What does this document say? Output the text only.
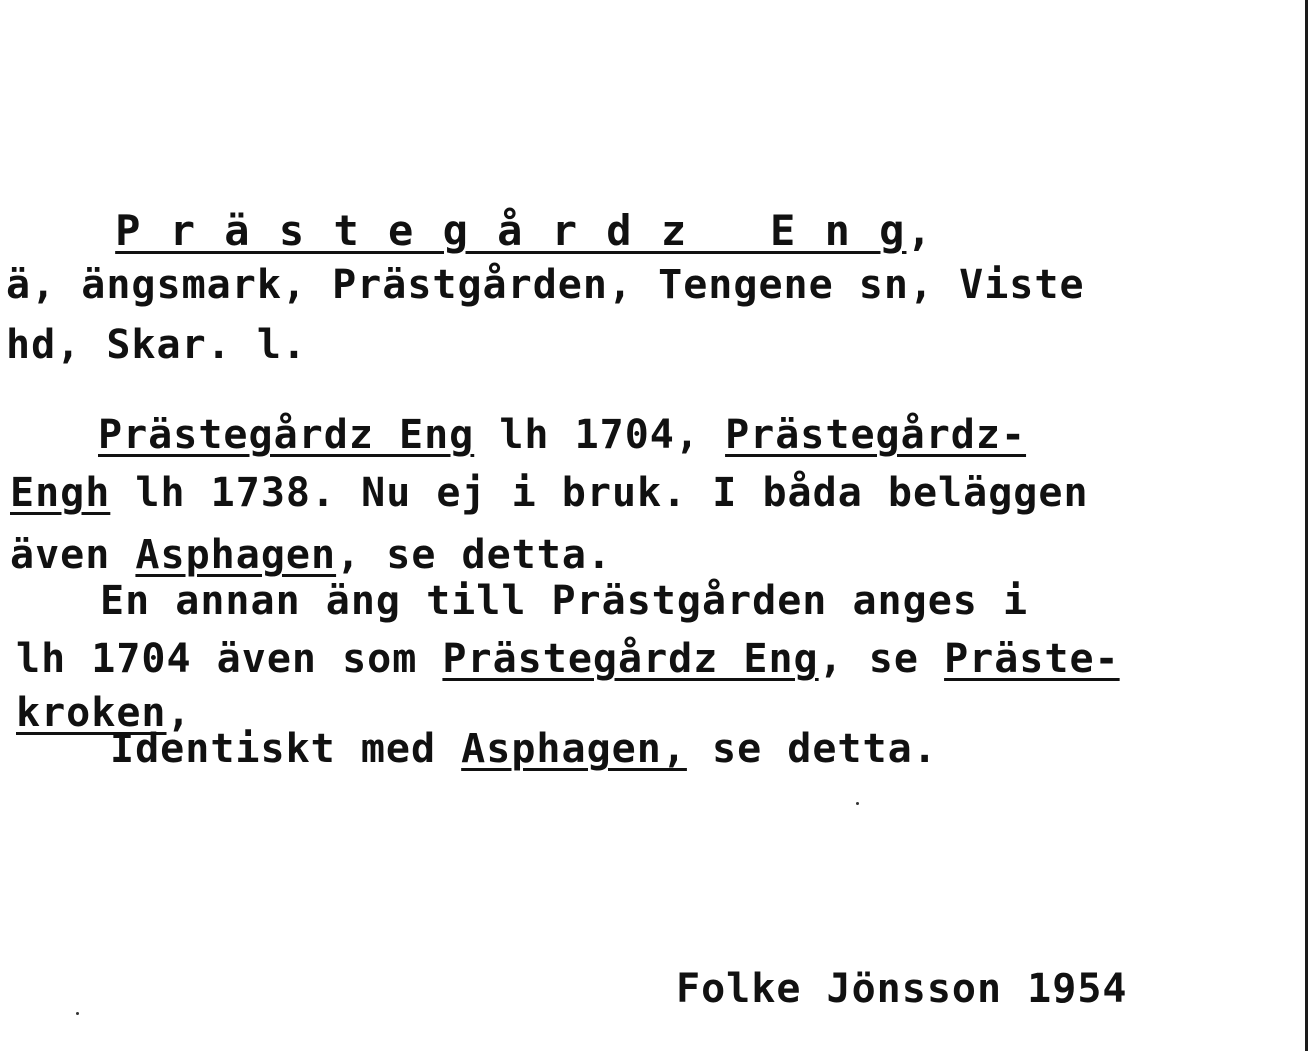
P r ä s t e g å r d z   E n g,

ä, ängsmark, Prästgården, Tengene sn, Viste
hd, Skar. l.
Prästegårdz Eng lh 1704, Prästegårdz-
Engh lh 1738. Nu ej i bruk. I båda beläggen
även Asphagen, se detta.
En annan äng till Prästgården anges i
lh 1704 även som Prästegårdz Eng, se Präste-
kroken,
Identiskt med Asphagen, se detta.
Folke Jönsson 1954
